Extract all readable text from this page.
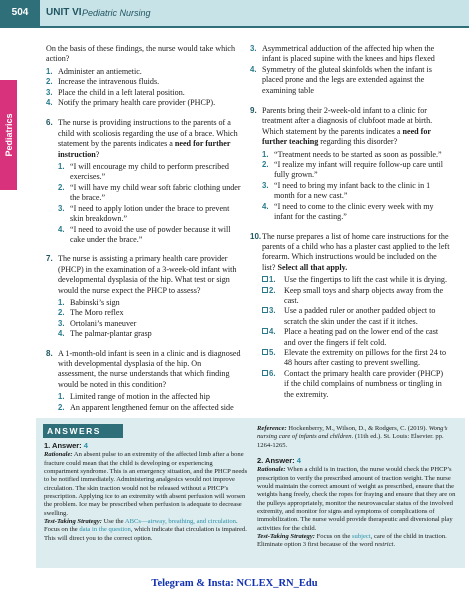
504	UNIT VI Pediatric Nursing
Pediatrics
On the basis of these findings, the nurse would take which action?
1. Administer an antiemetic.
2. Increase the intravenous fluids.
3. Place the child in a left lateral position.
4. Notify the primary health care provider (PHCP).
6. The nurse is providing instructions to the parents of a child with scoliosis regarding the use of a brace. Which statement by the parents indicates a need for further instruction?
1. “I will encourage my child to perform prescribed exercises.”
2. “I will have my child wear soft fabric clothing under the brace.”
3. “I need to apply lotion under the brace to prevent skin breakdown.”
4. “I need to avoid the use of powder because it will cake under the brace.”
7. The nurse is assisting a primary health care provider (PHCP) in the examination of a 3-week-old infant with developmental dysplasia of the hip. What test or sign would the nurse expect the PHCP to assess?
1. Babinski’s sign
2. The Moro reflex
3. Ortolani’s maneuver
4. The palmar-plantar grasp
8. A 1-month-old infant is seen in a clinic and is diagnosed with developmental dysplasia of the hip. On assessment, the nurse understands that which finding would be noted in this condition?
1. Limited range of motion in the affected hip
2. An apparent lengthened femur on the affected side
3. Asymmetrical adduction of the affected hip when the infant is placed supine with the knees and hips flexed
4. Symmetry of the gluteal skinfolds when the infant is placed prone and the legs are extended against the examining table
9. Parents bring their 2-week-old infant to a clinic for treatment after a diagnosis of clubfoot made at birth. Which statement by the parents indicates a need for further teaching regarding this disorder?
1. “Treatment needs to be started as soon as possible.”
2. “I realize my infant will require follow-up care until fully grown.”
3. “I need to bring my infant back to the clinic in 1 month for a new cast.”
4. “I need to come to the clinic every week with my infant for the casting.”
10. The nurse prepares a list of home care instructions for the parents of a child who has a plaster cast applied to the left forearm. Which instructions would be included on the list? Select all that apply.
1.	Use the fingertips to lift the cast while it is drying.
2.	Keep small toys and sharp objects away from the cast.
3.	Use a padded ruler or another padded object to scratch the skin under the cast if it itches.
4.	Place a heating pad on the lower end of the cast and over the fingers if felt cold.
5.	Elevate the extremity on pillows for the first 24 to 48 hours after casting to prevent swelling.
6.	Contact the primary health care provider (PHCP) if the child complains of numbness or tingling in the extremity.
ANSWERS
1. Answer: 4

Rationale: An absent pulse to an extremity of the affected limb after a bone fracture could mean that the child is developing or experiencing compartment syndrome. This is an emergency situation, and the PHCP needs to be notified immediately. Administering analgesics would not improve circulation. The skin traction would not be released without a PHCP’s prescription. Applying ice to an extremity with absent perfusion will worsen the problem. Ice may be prescribed when perfusion is adequate to decrease swelling.

Test-Taking Strategy: Use the ABCs—airway, breathing, and circulation. Focus on the data in the question, which indicate that circulation is impaired. This will direct you to the correct option.

Reference: Hockenberry, M., Wilson, D., & Rodgers, C. (2019). Wong’s nursing care of infants and children. (11th ed.). St. Louis: Elsevier. pp. 1264-1265.

2. Answer: 4

Rationale: When a child is in traction, the nurse would check the PHCP’s prescription to verify the prescribed amount of traction weight. The nurse would maintain the correct amount of weight as prescribed, ensure that the weights hang freely, check the ropes for fraying and ensure that they are on the pulleys appropriately, monitor the neurovascular status of the involved extremity, and monitor for signs and symptoms of complications of immobilization. The nurse would provide therapeutic and diversional play activities for the child.

Test-Taking Strategy: Focus on the subject, care of the child in traction. Eliminate option 3 first because of the word restrict.

Telegram & Insta: NCLEX_RN_Edu
